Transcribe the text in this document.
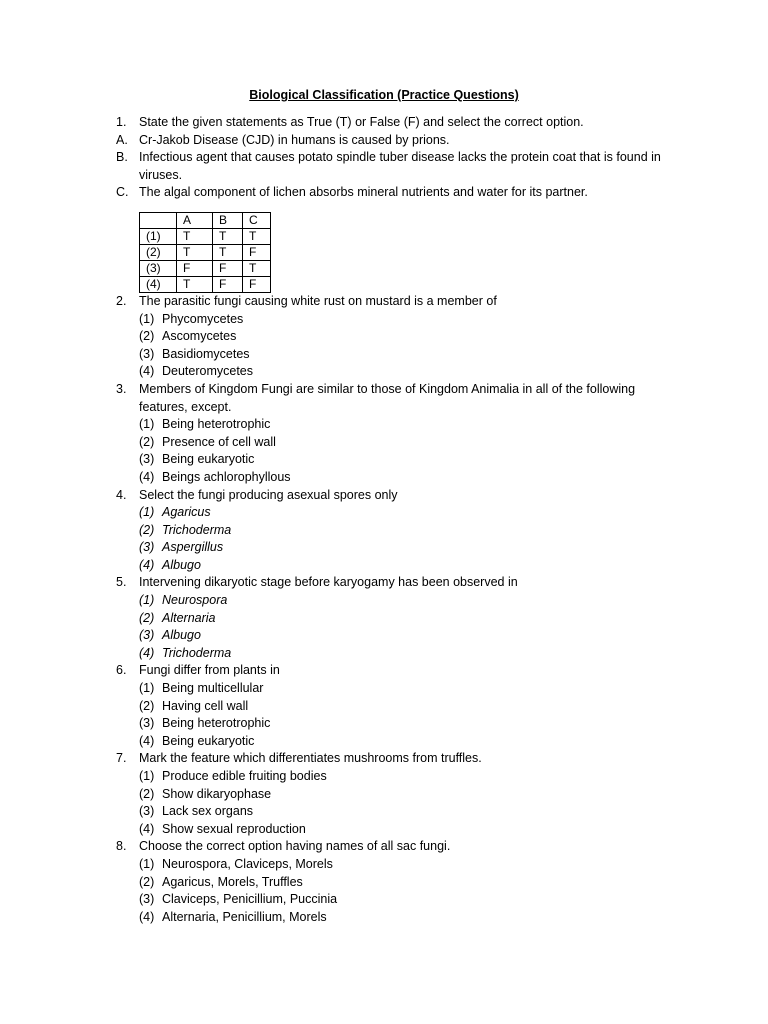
Biological Classification (Practice Questions)
1.	State the given statements as True (T) or False (F) and select the correct option.
A. Cr-Jakob Disease (CJD) in humans is caused by prions.
B. Infectious agent that causes potato spindle tuber disease lacks the protein coat that is found in viruses.
C. The algal component of lichen absorbs mineral nutrients and water for its partner.
	A	B	C
(1)	T	T	T
(2)	T	T	F
(3)	F	F	T
(4)	T	F	F
2.	The parasitic fungi causing white rust on mustard is a member of
(1) Phycomycetes
(2) Ascomycetes
(3) Basidiomycetes
(4) Deuteromycetes
3.	Members of Kingdom Fungi are similar to those of Kingdom Animalia in all of the following features, except.
(1) Being heterotrophic
(2) Presence of cell wall
(3) Being eukaryotic
(4) Beings achlorophyllous
4.	Select the fungi producing asexual spores only
(1) Agaricus
(2) Trichoderma
(3) Aspergillus
(4) Albugo
5.	Intervening dikaryotic stage before karyogamy has been observed in
(1) Neurospora
(2) Alternaria
(3) Albugo
(4) Trichoderma
6.	Fungi differ from plants in
(1) Being multicellular
(2) Having cell wall
(3) Being heterotrophic
(4) Being eukaryotic
7.	Mark the feature which differentiates mushrooms from truffles.
(1) Produce edible fruiting bodies
(2) Show dikaryophase
(3) Lack sex organs
(4) Show sexual reproduction
8.	Choose the correct option having names of all sac fungi.
(1) Neurospora, Claviceps, Morels
(2) Agaricus, Morels, Truffles
(3) Claviceps, Penicillium, Puccinia
(4) Alternaria, Penicillium, Morels
